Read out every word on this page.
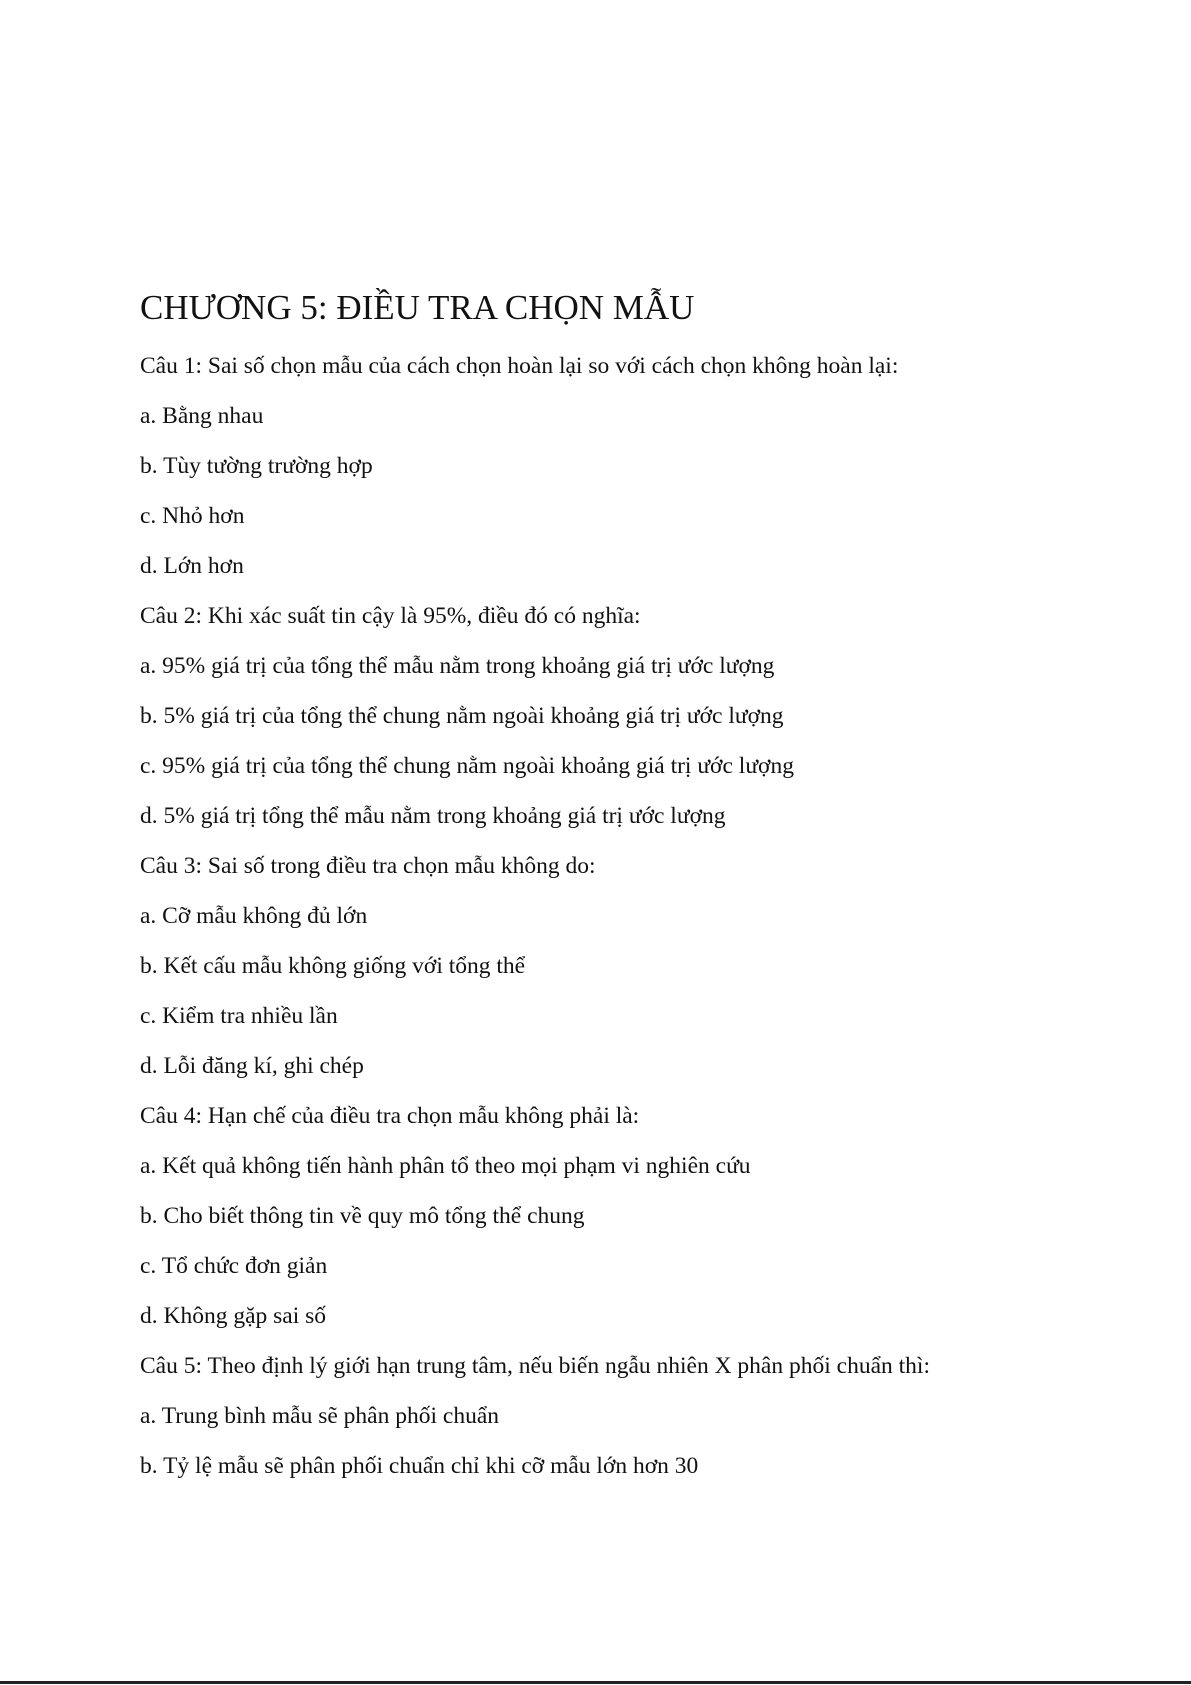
CHƯƠNG 5: ĐIỀU TRA CHỌN MẪU

Câu 1: Sai số chọn mẫu của cách chọn hoàn lại so với cách chọn không hoàn lại:

a. Bằng nhau

b. Tùy tường trường hợp

c. Nhỏ hơn

d. Lớn hơn

Câu 2: Khi xác suất tin cậy là 95%, điều đó có nghĩa:

a. 95% giá trị của tổng thể mẫu nằm trong khoảng giá trị ước lượng

b. 5% giá trị của tổng thể chung nằm ngoài khoảng giá trị ước lượng

c. 95% giá trị của tổng thể chung nằm ngoài khoảng giá trị ước lượng

d. 5% giá trị tổng thể mẫu nằm trong khoảng giá trị ước lượng

Câu 3: Sai số trong điều tra chọn mẫu không do:

a. Cỡ mẫu không đủ lớn

b. Kết cấu mẫu không giống với tổng thể

c. Kiểm tra nhiều lần

d. Lỗi đăng kí, ghi chép

Câu 4: Hạn chế của điều tra chọn mẫu không phải là:

a. Kết quả không tiến hành phân tổ theo mọi phạm vi nghiên cứu

b. Cho biết thông tin về quy mô tổng thể chung

c. Tổ chức đơn giản

d. Không gặp sai số

Câu 5: Theo định lý giới hạn trung tâm, nếu biến ngẫu nhiên X phân phối chuẩn thì:

a. Trung bình mẫu sẽ phân phối chuẩn

b. Tỷ lệ mẫu sẽ phân phối chuẩn chỉ khi cỡ mẫu lớn hơn 30
